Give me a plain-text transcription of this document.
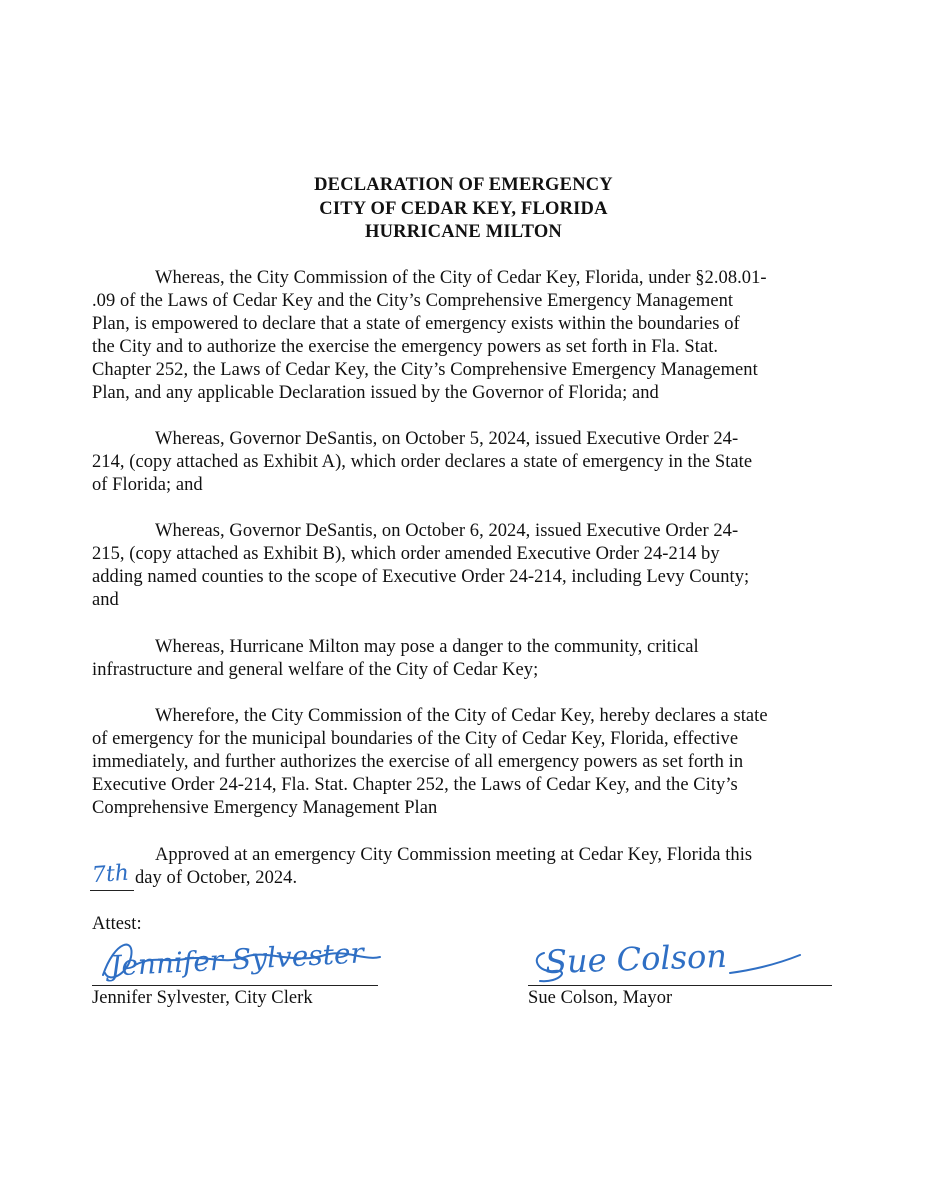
DECLARATION OF EMERGENCY
CITY OF CEDAR KEY, FLORIDA
HURRICANE MILTON
Whereas, the City Commission of the City of Cedar Key, Florida, under §2.08.01-
.09 of the Laws of Cedar Key and the City’s Comprehensive Emergency Management
Plan, is empowered to declare that a state of emergency exists within the boundaries of
the City and to authorize the exercise the emergency powers as set forth in Fla. Stat.
Chapter 252, the Laws of Cedar Key, the City’s Comprehensive Emergency Management
Plan, and any applicable Declaration issued by the Governor of Florida; and
Whereas, Governor DeSantis, on October 5, 2024, issued Executive Order 24-
214, (copy attached as Exhibit A), which order declares a state of emergency in the State
of Florida; and
Whereas, Governor DeSantis, on October 6, 2024, issued Executive Order 24-
215, (copy attached as Exhibit B), which order amended Executive Order 24-214 by
adding named counties to the scope of Executive Order 24-214, including Levy County;
and
Whereas, Hurricane Milton may pose a danger to the community, critical
infrastructure and general welfare of the City of Cedar Key;
Wherefore, the City Commission of the City of Cedar Key, hereby declares a state
of emergency for the municipal boundaries of the City of Cedar Key, Florida, effective
immediately, and further authorizes the exercise of all emergency powers as set forth in
Executive Order 24-214, Fla. Stat. Chapter 252, the Laws of Cedar Key, and the City’s
Comprehensive Emergency Management Plan
Approved at an emergency City Commission meeting at Cedar Key, Florida this
7th day of October, 2024.
Attest:
Jennifer Sylvester
Jennifer Sylvester, City Clerk
Sue Colson
Sue Colson, Mayor
